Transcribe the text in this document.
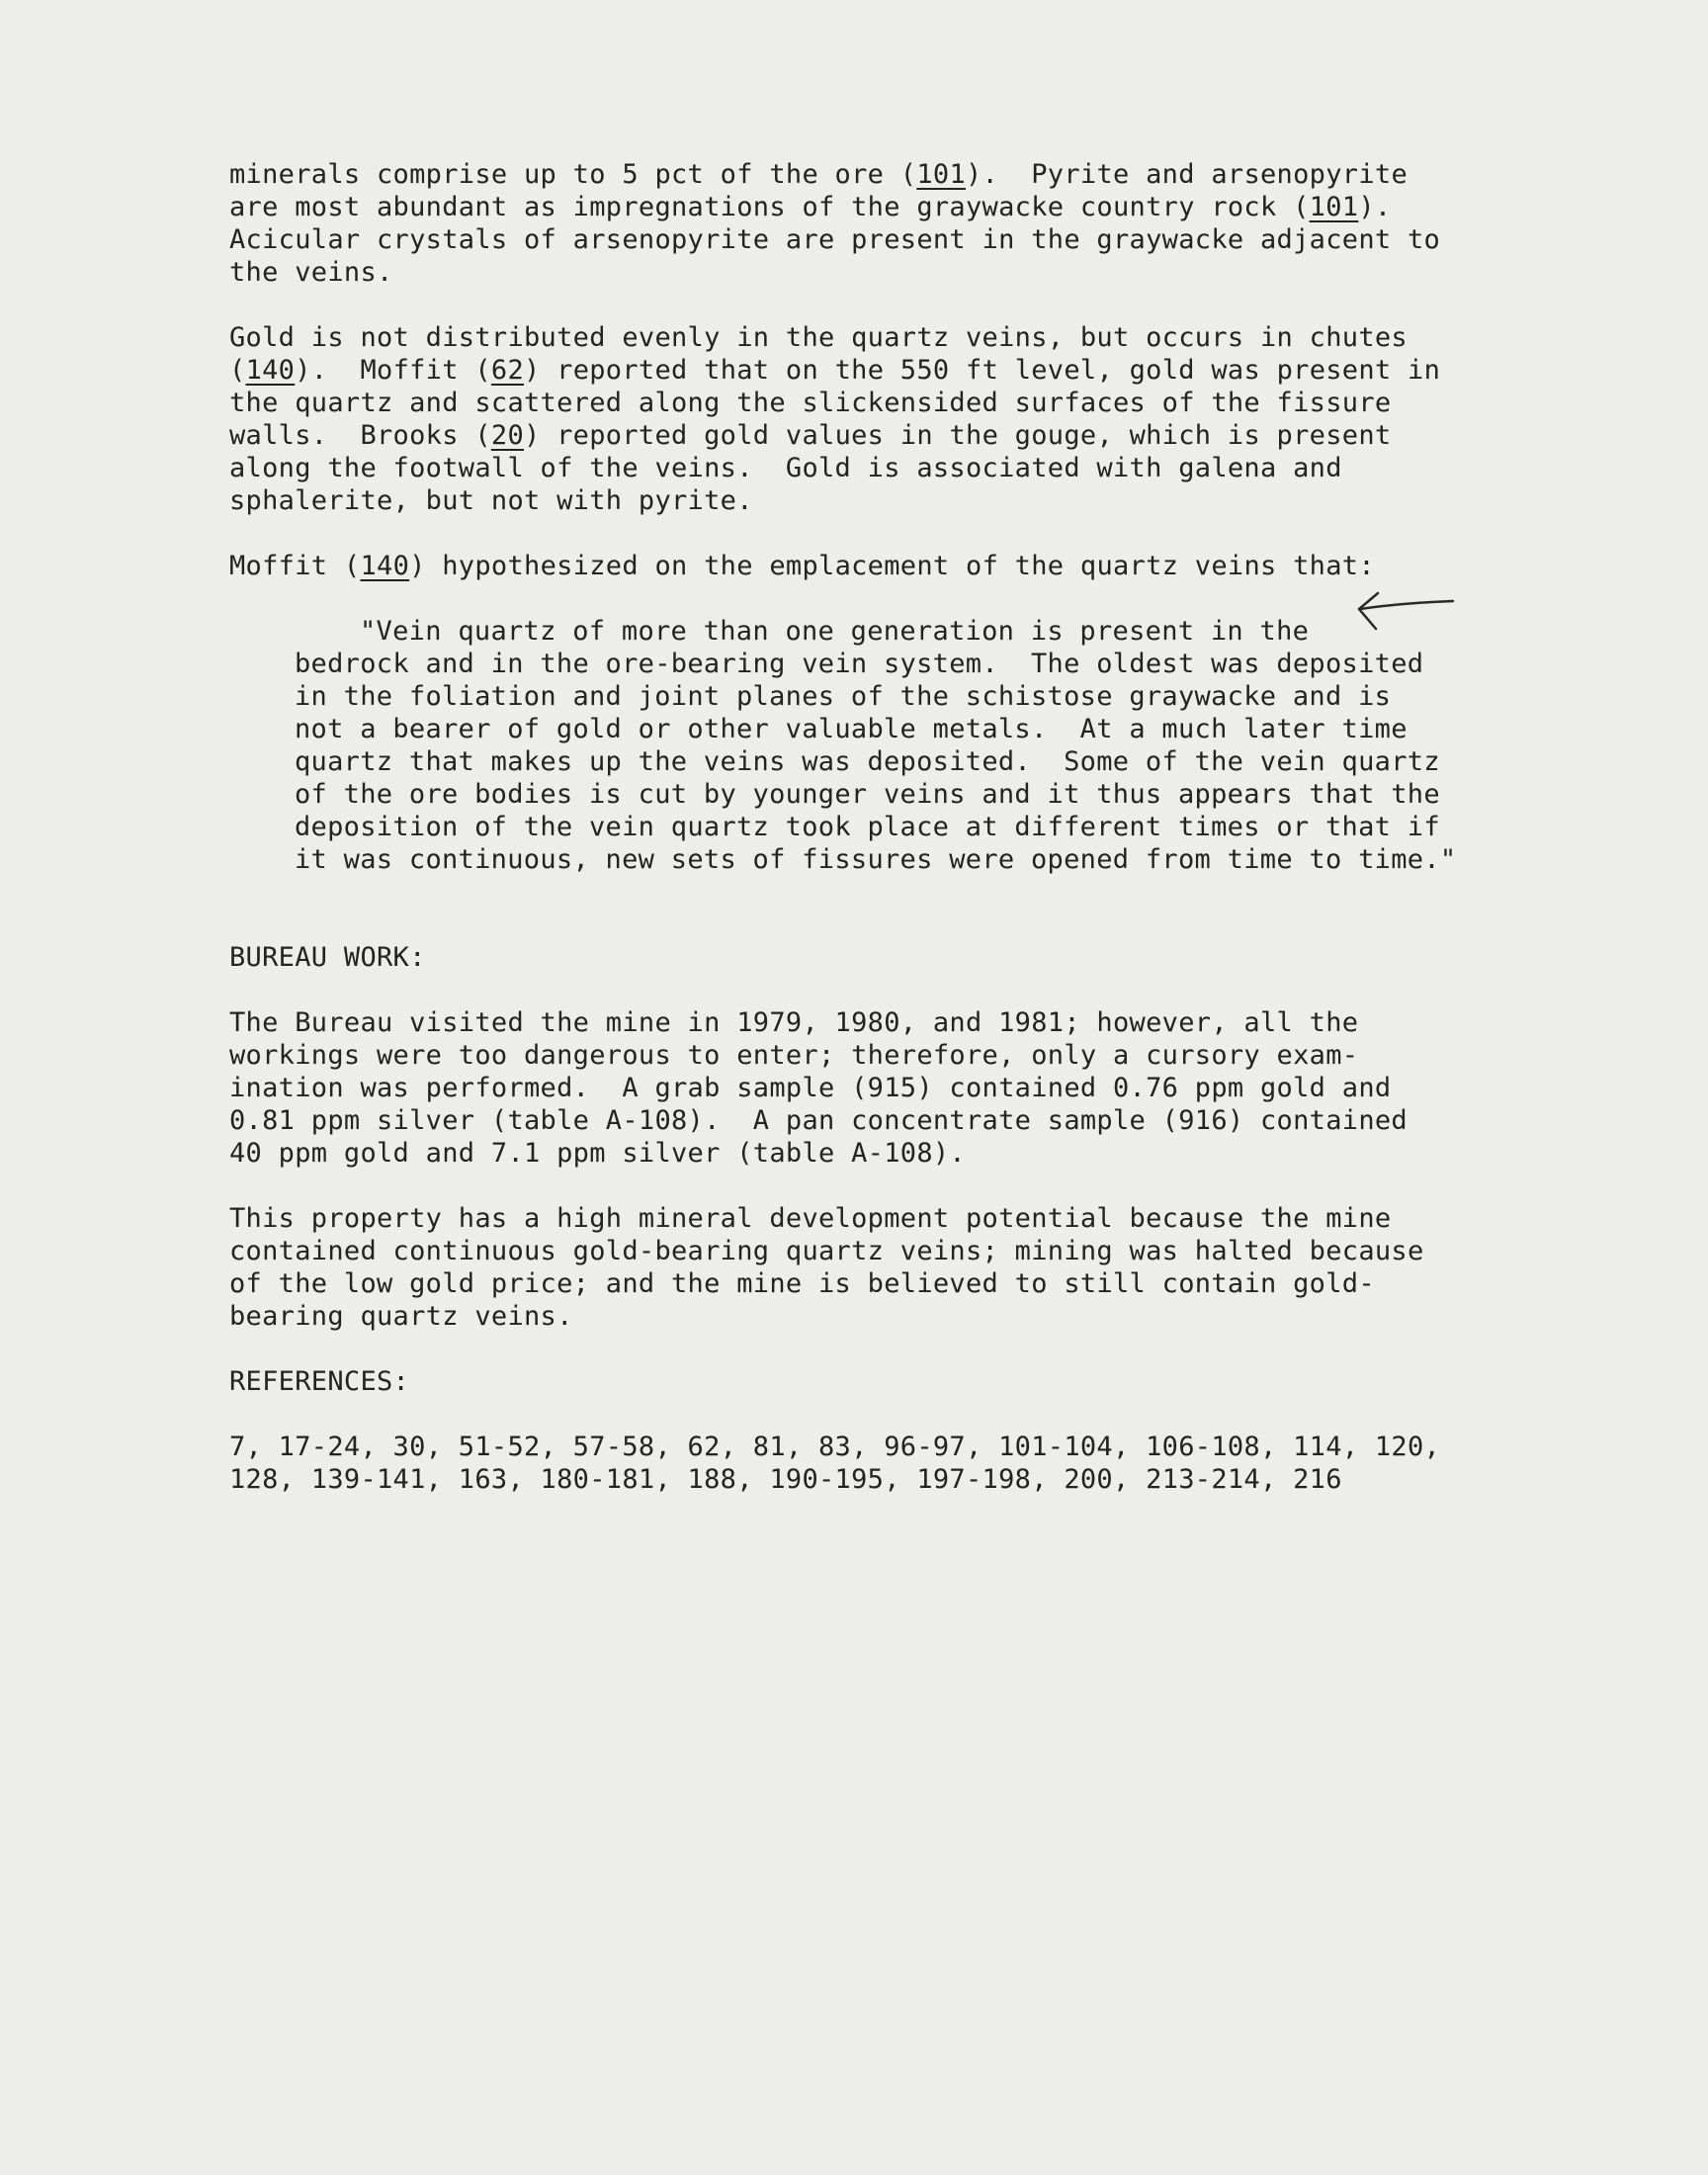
minerals comprise up to 5 pct of the ore (101).  Pyrite and arsenopyrite
are most abundant as impregnations of the graywacke country rock (101).
Acicular crystals of arsenopyrite are present in the graywacke adjacent to
the veins.
Gold is not distributed evenly in the quartz veins, but occurs in chutes
(140).  Moffit (62) reported that on the 550 ft level, gold was present in
the quartz and scattered along the slickensided surfaces of the fissure
walls.  Brooks (20) reported gold values in the gouge, which is present
along the footwall of the veins.  Gold is associated with galena and
sphalerite, but not with pyrite.
Moffit (140) hypothesized on the emplacement of the quartz veins that:
"Vein quartz of more than one generation is present in the
bedrock and in the ore-bearing vein system.  The oldest was deposited
in the foliation and joint planes of the schistose graywacke and is
not a bearer of gold or other valuable metals.  At a much later time
quartz that makes up the veins was deposited.  Some of the vein quartz
of the ore bodies is cut by younger veins and it thus appears that the
deposition of the vein quartz took place at different times or that if
it was continuous, new sets of fissures were opened from time to time."
BUREAU WORK:
The Bureau visited the mine in 1979, 1980, and 1981; however, all the
workings were too dangerous to enter; therefore, only a cursory exam-
ination was performed.  A grab sample (915) contained 0.76 ppm gold and
0.81 ppm silver (table A-108).  A pan concentrate sample (916) contained
40 ppm gold and 7.1 ppm silver (table A-108).
This property has a high mineral development potential because the mine
contained continuous gold-bearing quartz veins; mining was halted because
of the low gold price; and the mine is believed to still contain gold-
bearing quartz veins.
REFERENCES:
7, 17-24, 30, 51-52, 57-58, 62, 81, 83, 96-97, 101-104, 106-108, 114, 120,
128, 139-141, 163, 180-181, 188, 190-195, 197-198, 200, 213-214, 216
